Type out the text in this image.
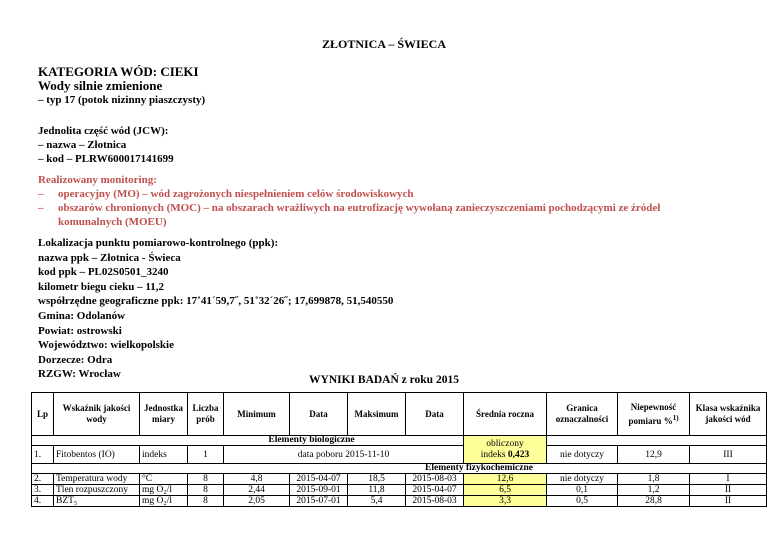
ZŁOTNICA – ŚWIECA
KATEGORIA WÓD: CIEKI
Wody silnie zmienione
– typ 17 (potok nizinny piaszczysty)
Jednolita część wód (JCW):
– nazwa – Złotnica
– kod – PLRW600017141699
Realizowany monitoring:
– operacyjny (MO) – wód zagrożonych niespełnieniem celów środowiskowych
– obszarów chronionych (MOC) – na obszarach wrażliwych na eutrofizację wywołaną zanieczyszczeniami pochodzącymi ze źródeł
komunalnych (MOEU)
Lokalizacja punktu pomiarowo-kontrolnego (ppk):
nazwa ppk – Złotnica - Świeca
kod ppk – PL02S0501_3240
kilometr biegu cieku – 11,2
współrzędne geograficzne ppk: 17˚41´59,7˝, 51˚32´26˝; 17,699878, 51,540550
Gmina: Odolanów
Powiat: ostrowski
Województwo: wielkopolskie
Dorzecze: Odra
RZGW: Wrocław	WYNIKI BADAŃ z roku 2015
Lp	Wskaźnik jakości wody	Jednostka miary	Liczba prób	Minimum	Data	Maksimum	Data	Średnia roczna	Granica oznaczalności	Niepewność pomiaru %$^{1)}$	Klasa wskaźnika jakości wód
Elementy biologiczne								obliczony
indeks 0,423			
1.	Fitobentos (IO)	indeks	1	data poboru 2015-11-10					nie dotyczy	12,9	III
Elementy fizykochemiczne											
2.	Temperatura wody	°C	8	4,8	2015-04-07	18,5	2015-08-03	12,6	nie dotyczy	1,8	I
3.	Tlen rozpuszczony	mg O₂/l	8	2,44	2015-09-01	11,8	2015-04-07	6,5	0,1	1,2	II
4.	BZT₅	mg O₂/l	8	2,05	2015-07-01	5,4	2015-08-03	3,3	0,5	28,8	II
